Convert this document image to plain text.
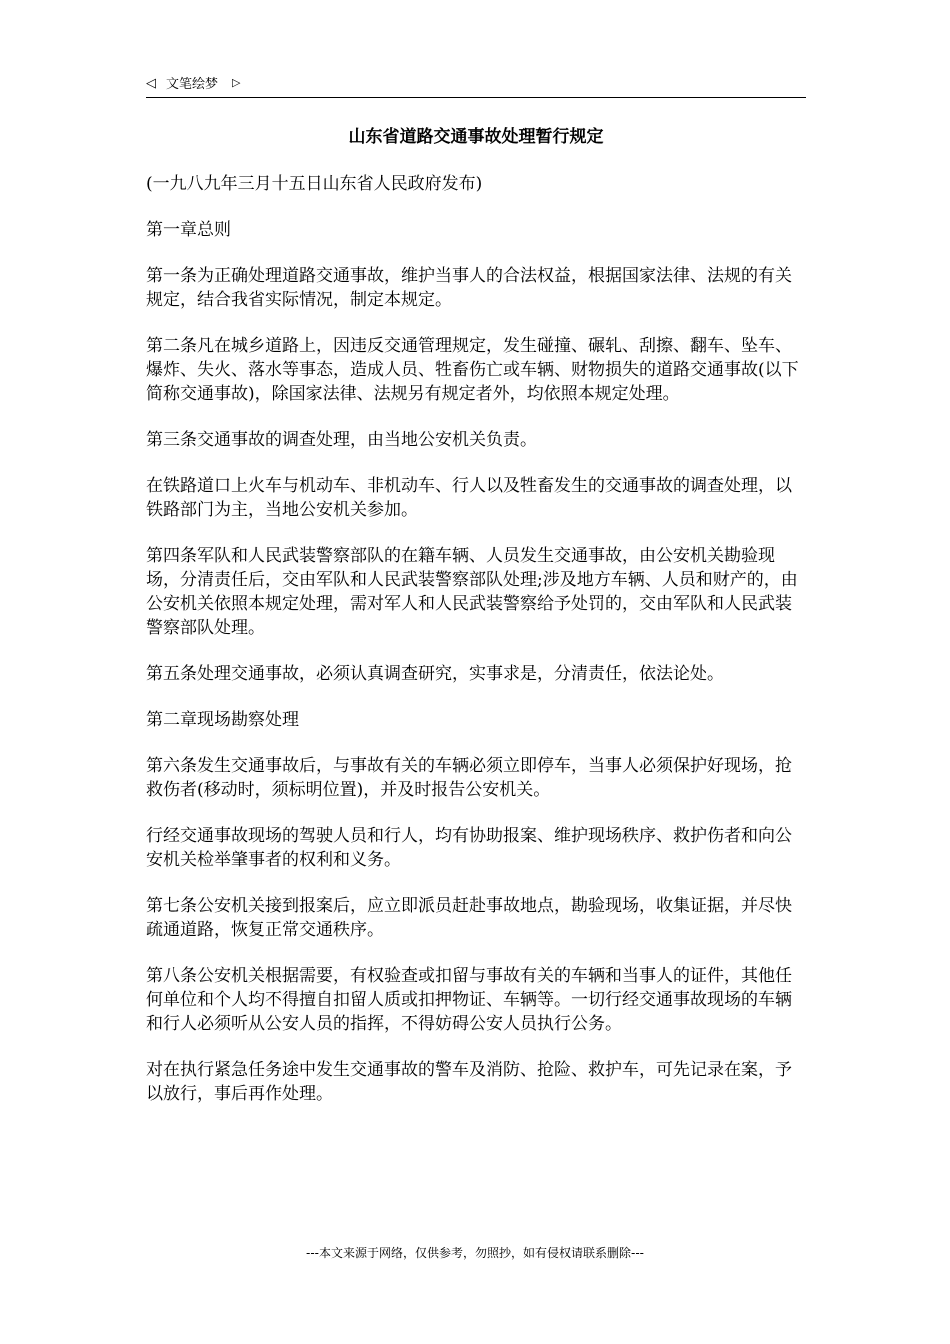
◁ 文笔绘梦 ▷
山东省道路交通事故处理暂行规定

(一九八九年三月十五日山东省人民政府发布)

第一章总则

第一条为正确处理道路交通事故，维护当事人的合法权益，根据国家法律、法规的有关规定，结合我省实际情况，制定本规定。

第二条凡在城乡道路上，因违反交通管理规定，发生碰撞、碾轧、刮擦、翻车、坠车、爆炸、失火、落水等事态，造成人员、牲畜伤亡或车辆、财物损失的道路交通事故(以下简称交通事故)，除国家法律、法规另有规定者外，均依照本规定处理。

第三条交通事故的调查处理，由当地公安机关负责。

在铁路道口上火车与机动车、非机动车、行人以及牲畜发生的交通事故的调查处理，以铁路部门为主，当地公安机关参加。

第四条军队和人民武装警察部队的在籍车辆、人员发生交通事故，由公安机关勘验现场，分清责任后，交由军队和人民武装警察部队处理;涉及地方车辆、人员和财产的，由公安机关依照本规定处理，需对军人和人民武装警察给予处罚的，交由军队和人民武装警察部队处理。

第五条处理交通事故，必须认真调查研究，实事求是，分清责任，依法论处。

第二章现场勘察处理

第六条发生交通事故后，与事故有关的车辆必须立即停车，当事人必须保护好现场，抢救伤者(移动时，须标明位置)，并及时报告公安机关。

行经交通事故现场的驾驶人员和行人，均有协助报案、维护现场秩序、救护伤者和向公安机关检举肇事者的权利和义务。

第七条公安机关接到报案后，应立即派员赶赴事故地点，勘验现场，收集证据，并尽快疏通道路，恢复正常交通秩序。

第八条公安机关根据需要，有权验查或扣留与事故有关的车辆和当事人的证件，其他任何单位和个人均不得擅自扣留人质或扣押物证、车辆等。一切行经交通事故现场的车辆和行人必须听从公安人员的指挥，不得妨碍公安人员执行公务。

对在执行紧急任务途中发生交通事故的警车及消防、抢险、救护车，可先记录在案，予以放行，事后再作处理。

---本文来源于网络，仅供参考，勿照抄，如有侵权请联系删除---
